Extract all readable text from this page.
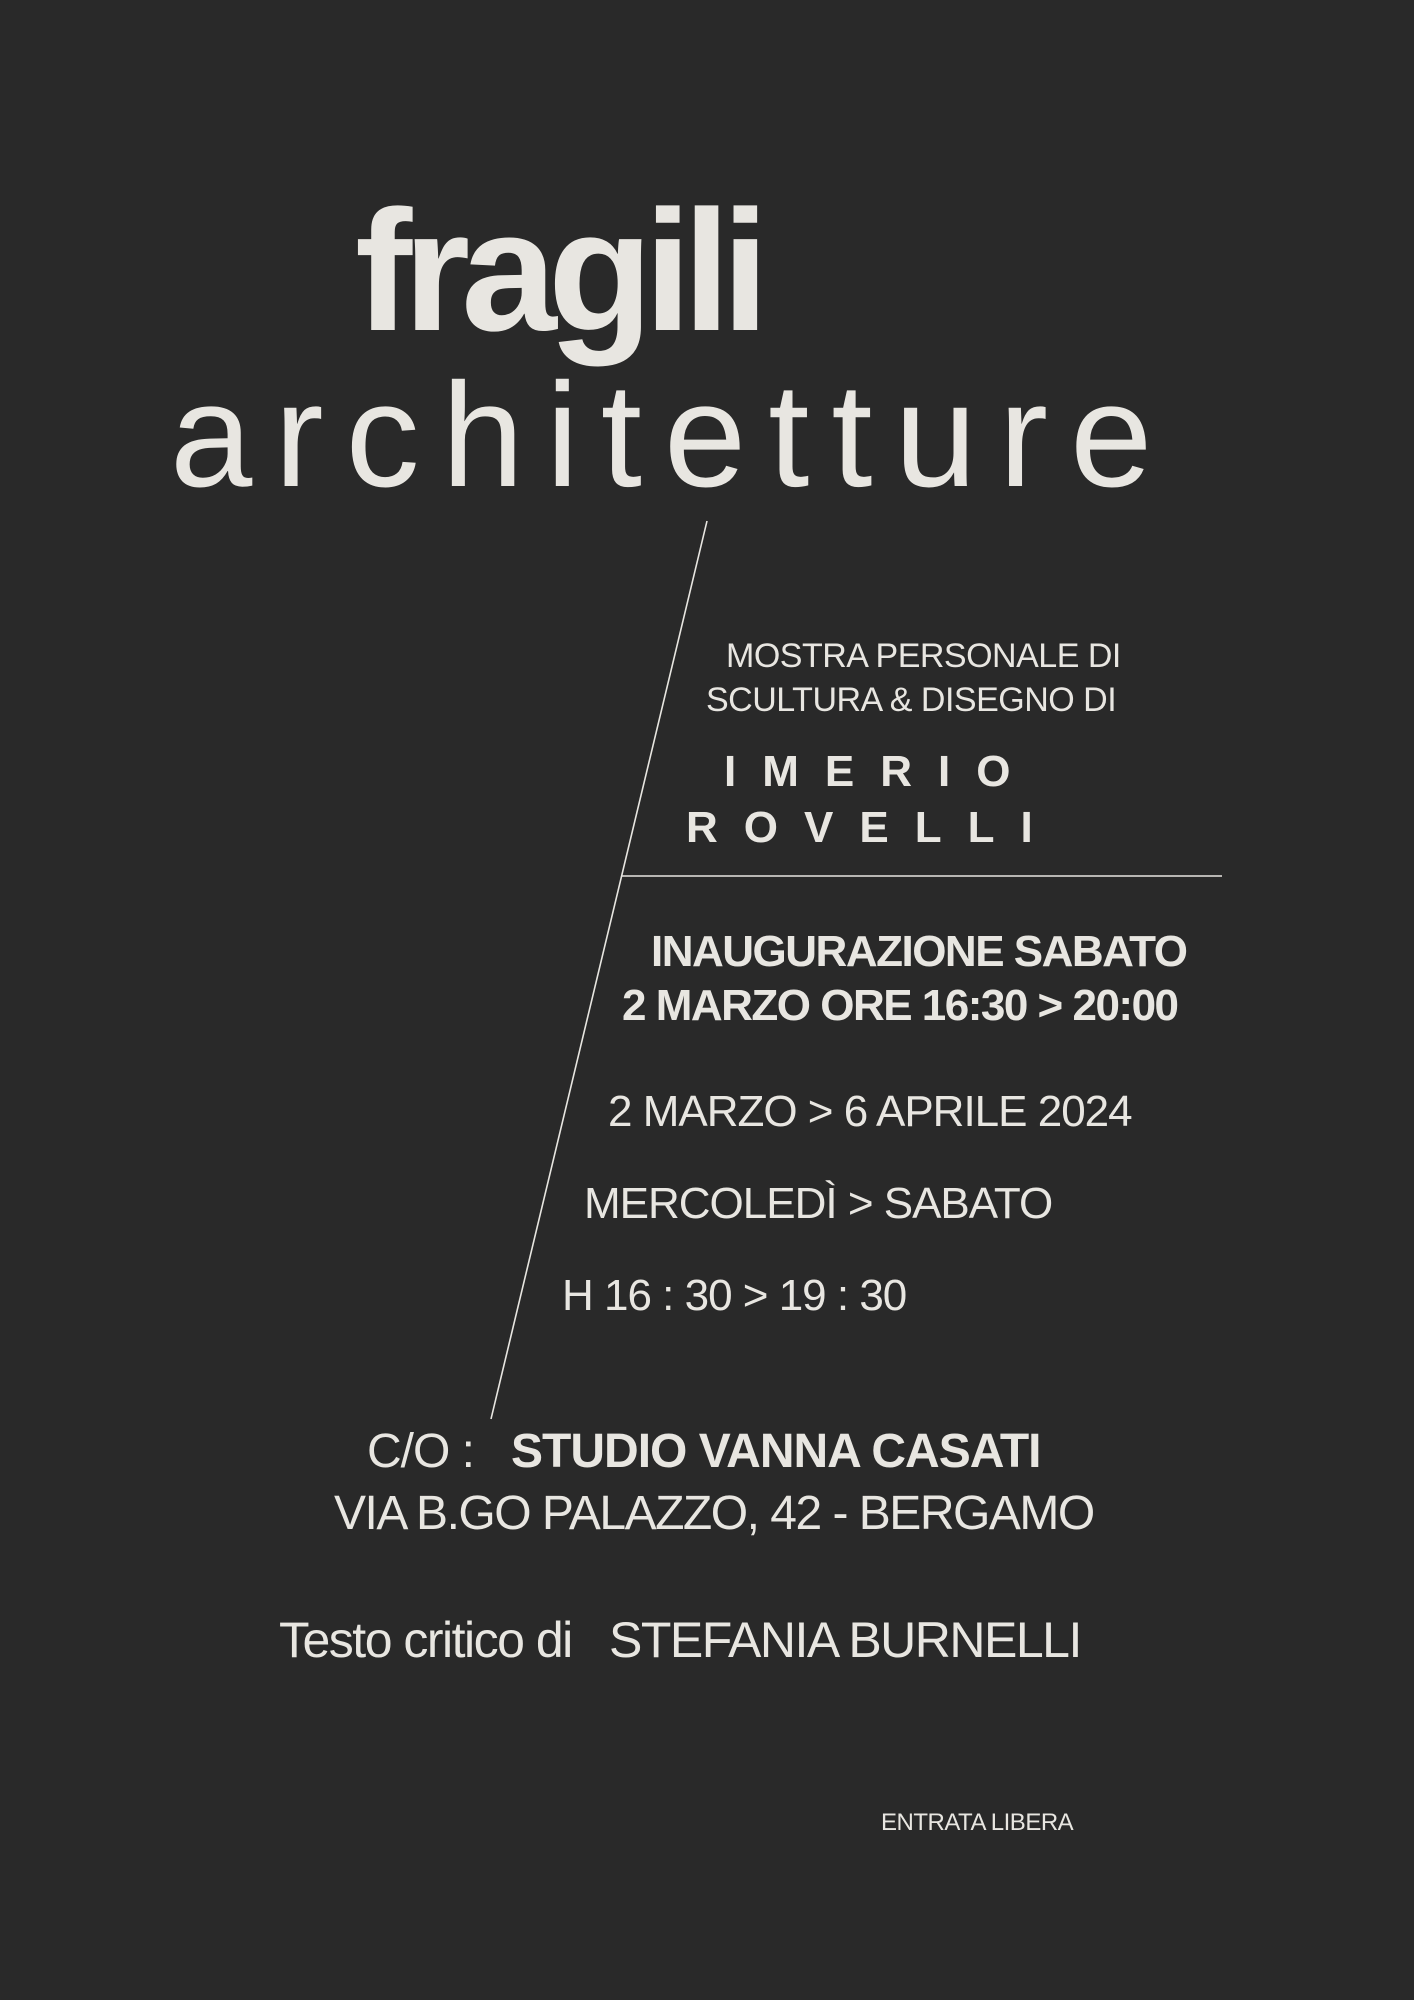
fragili
architetture
MOSTRA PERSONALE DI
SCULTURA & DISEGNO DI
IMERIO
ROVELLI
INAUGURAZIONE SABATO
2 MARZO ORE 16:30 > 20:00
2 MARZO > 6 APRILE 2024
MERCOLEDÌ > SABATO
H 16 : 30 > 19 : 30
C/O : STUDIO VANNA CASATI
VIA B.GO PALAZZO, 42 - BERGAMO
Testo critico di STEFANIA BURNELLI
ENTRATA LIBERA
